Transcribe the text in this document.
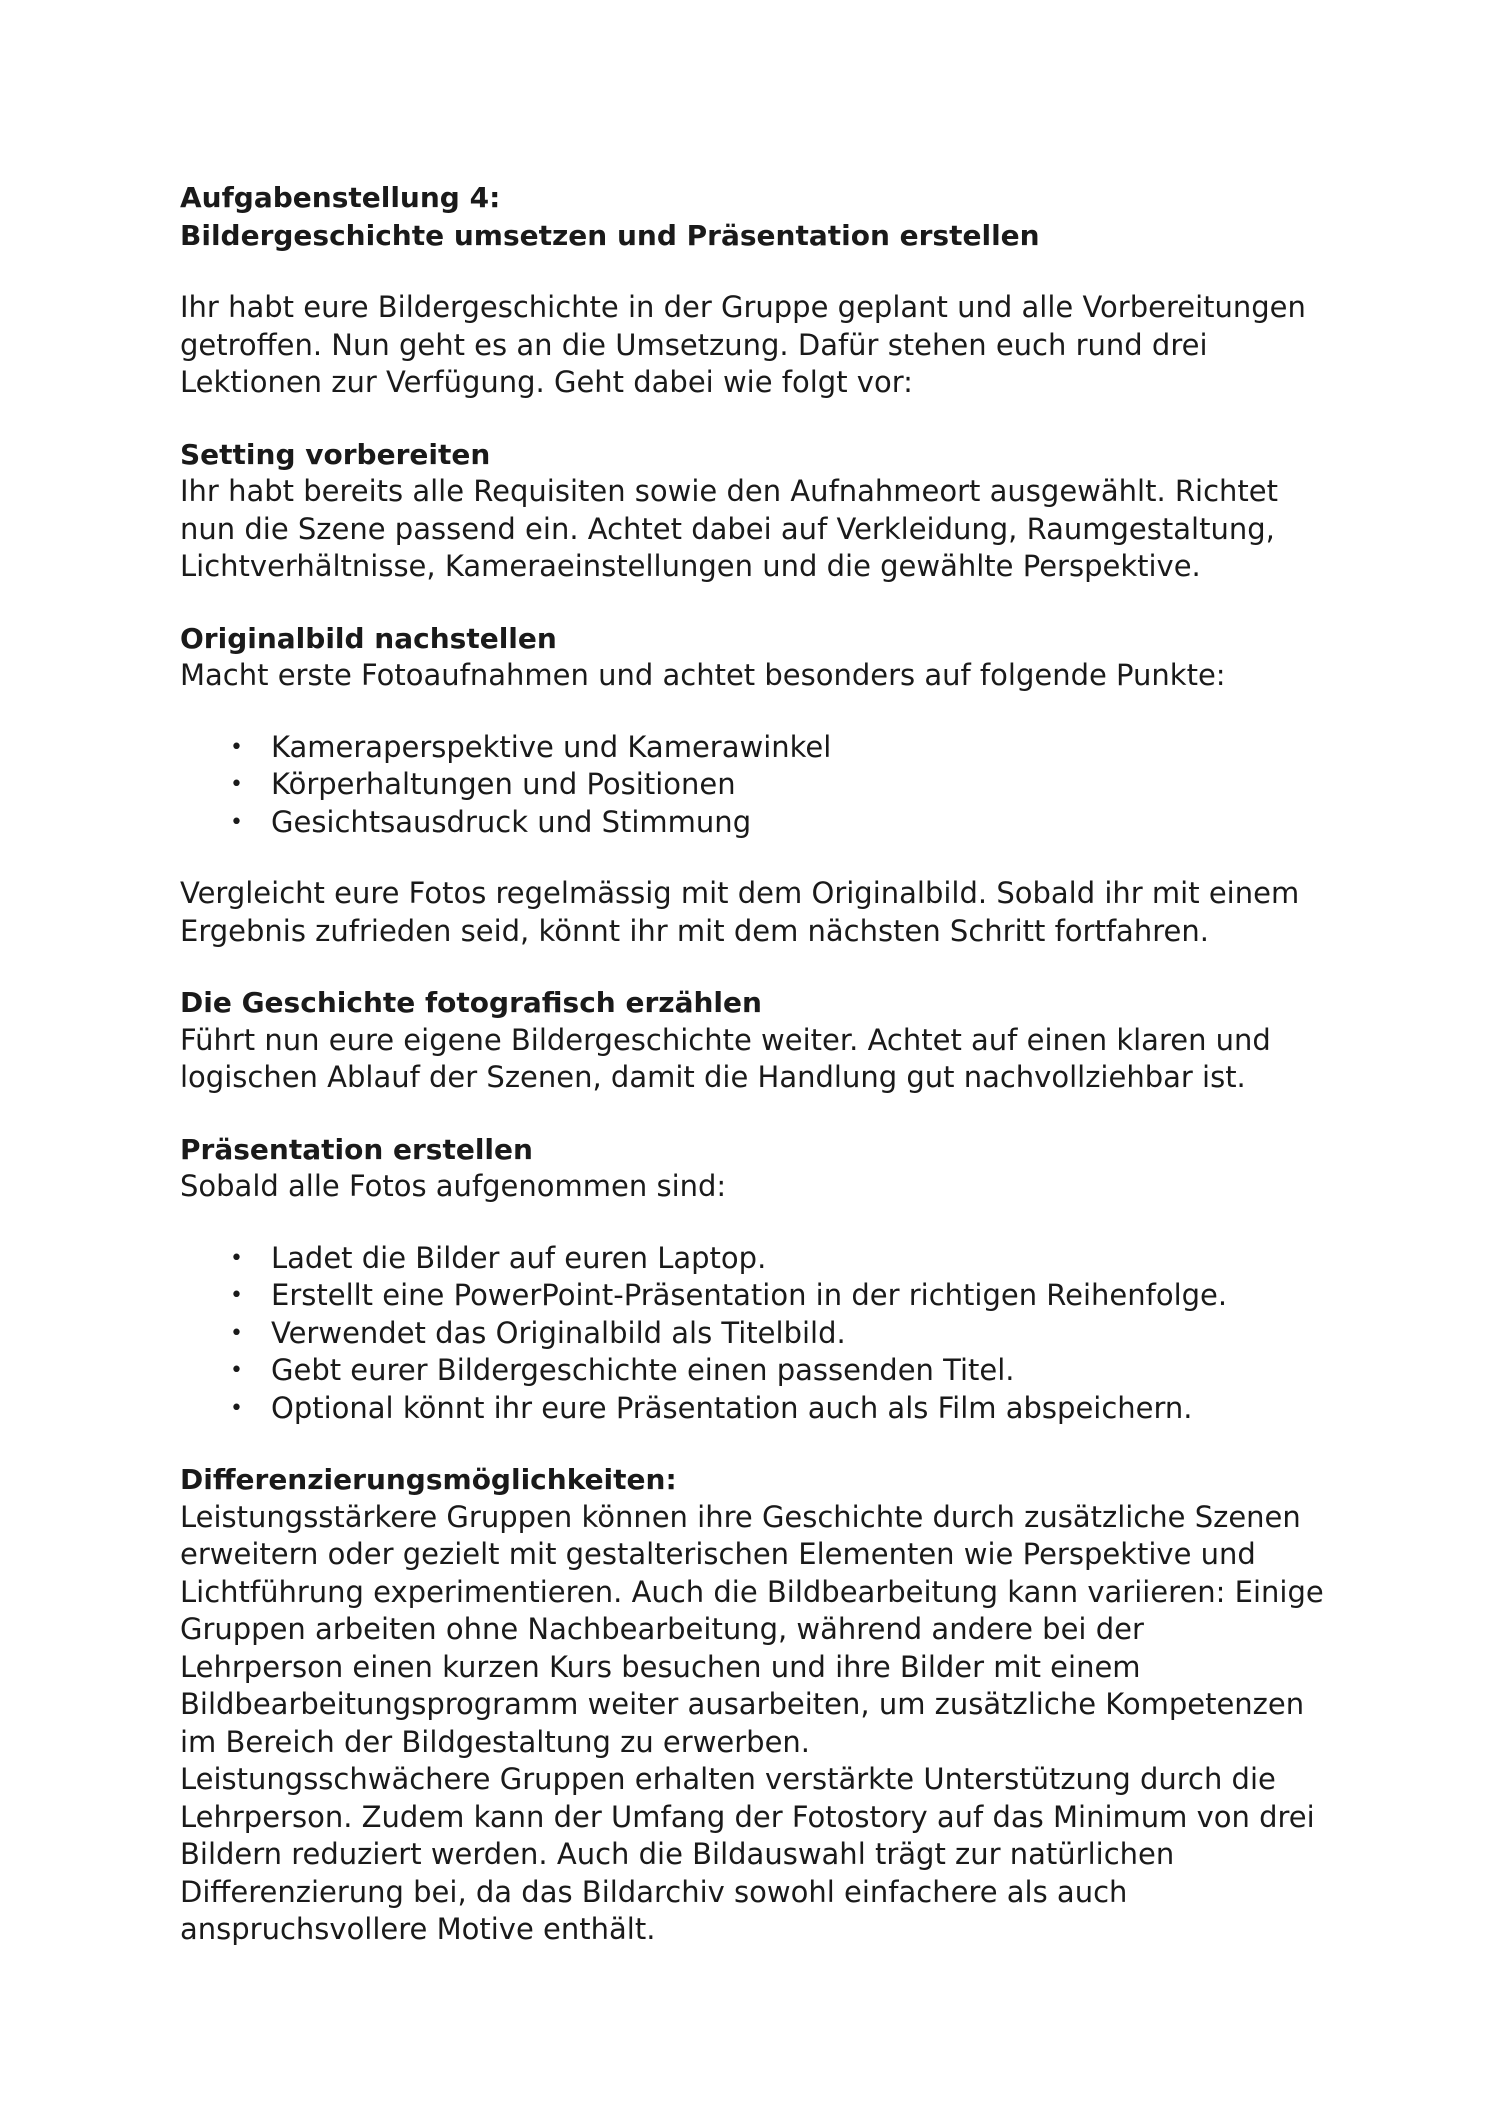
Aufgabenstellung 4:

Bildergeschichte umsetzen und Präsentation erstellen

Ihr habt eure Bildergeschichte in der Gruppe geplant und alle Vorbereitungen

getroffen. Nun geht es an die Umsetzung. Dafür stehen euch rund drei

Lektionen zur Verfügung. Geht dabei wie folgt vor:

Setting vorbereiten

Ihr habt bereits alle Requisiten sowie den Aufnahmeort ausgewählt. Richtet

nun die Szene passend ein. Achtet dabei auf Verkleidung, Raumgestaltung,

Lichtverhältnisse, Kameraeinstellungen und die gewählte Perspektive.

Originalbild nachstellen

Macht erste Fotoaufnahmen und achtet besonders auf folgende Punkte:

• Kameraperspektive und Kamerawinkel
• Körperhaltungen und Positionen
• Gesichtsausdruck und Stimmung

Vergleicht eure Fotos regelmässig mit dem Originalbild. Sobald ihr mit einem

Ergebnis zufrieden seid, könnt ihr mit dem nächsten Schritt fortfahren.

Die Geschichte fotografisch erzählen

Führt nun eure eigene Bildergeschichte weiter. Achtet auf einen klaren und

logischen Ablauf der Szenen, damit die Handlung gut nachvollziehbar ist.

Präsentation erstellen

Sobald alle Fotos aufgenommen sind:

• Ladet die Bilder auf euren Laptop.
• Erstellt eine PowerPoint-Präsentation in der richtigen Reihenfolge.
• Verwendet das Originalbild als Titelbild.
• Gebt eurer Bildergeschichte einen passenden Titel.
• Optional könnt ihr eure Präsentation auch als Film abspeichern.

Differenzierungsmöglichkeiten:

Leistungsstärkere Gruppen können ihre Geschichte durch zusätzliche Szenen

erweitern oder gezielt mit gestalterischen Elementen wie Perspektive und

Lichtführung experimentieren. Auch die Bildbearbeitung kann variieren: Einige

Gruppen arbeiten ohne Nachbearbeitung, während andere bei der

Lehrperson einen kurzen Kurs besuchen und ihre Bilder mit einem

Bildbearbeitungsprogramm weiter ausarbeiten, um zusätzliche Kompetenzen

im Bereich der Bildgestaltung zu erwerben.

Leistungsschwächere Gruppen erhalten verstärkte Unterstützung durch die

Lehrperson. Zudem kann der Umfang der Fotostory auf das Minimum von drei

Bildern reduziert werden. Auch die Bildauswahl trägt zur natürlichen

Differenzierung bei, da das Bildarchiv sowohl einfachere als auch

anspruchsvollere Motive enthält.
